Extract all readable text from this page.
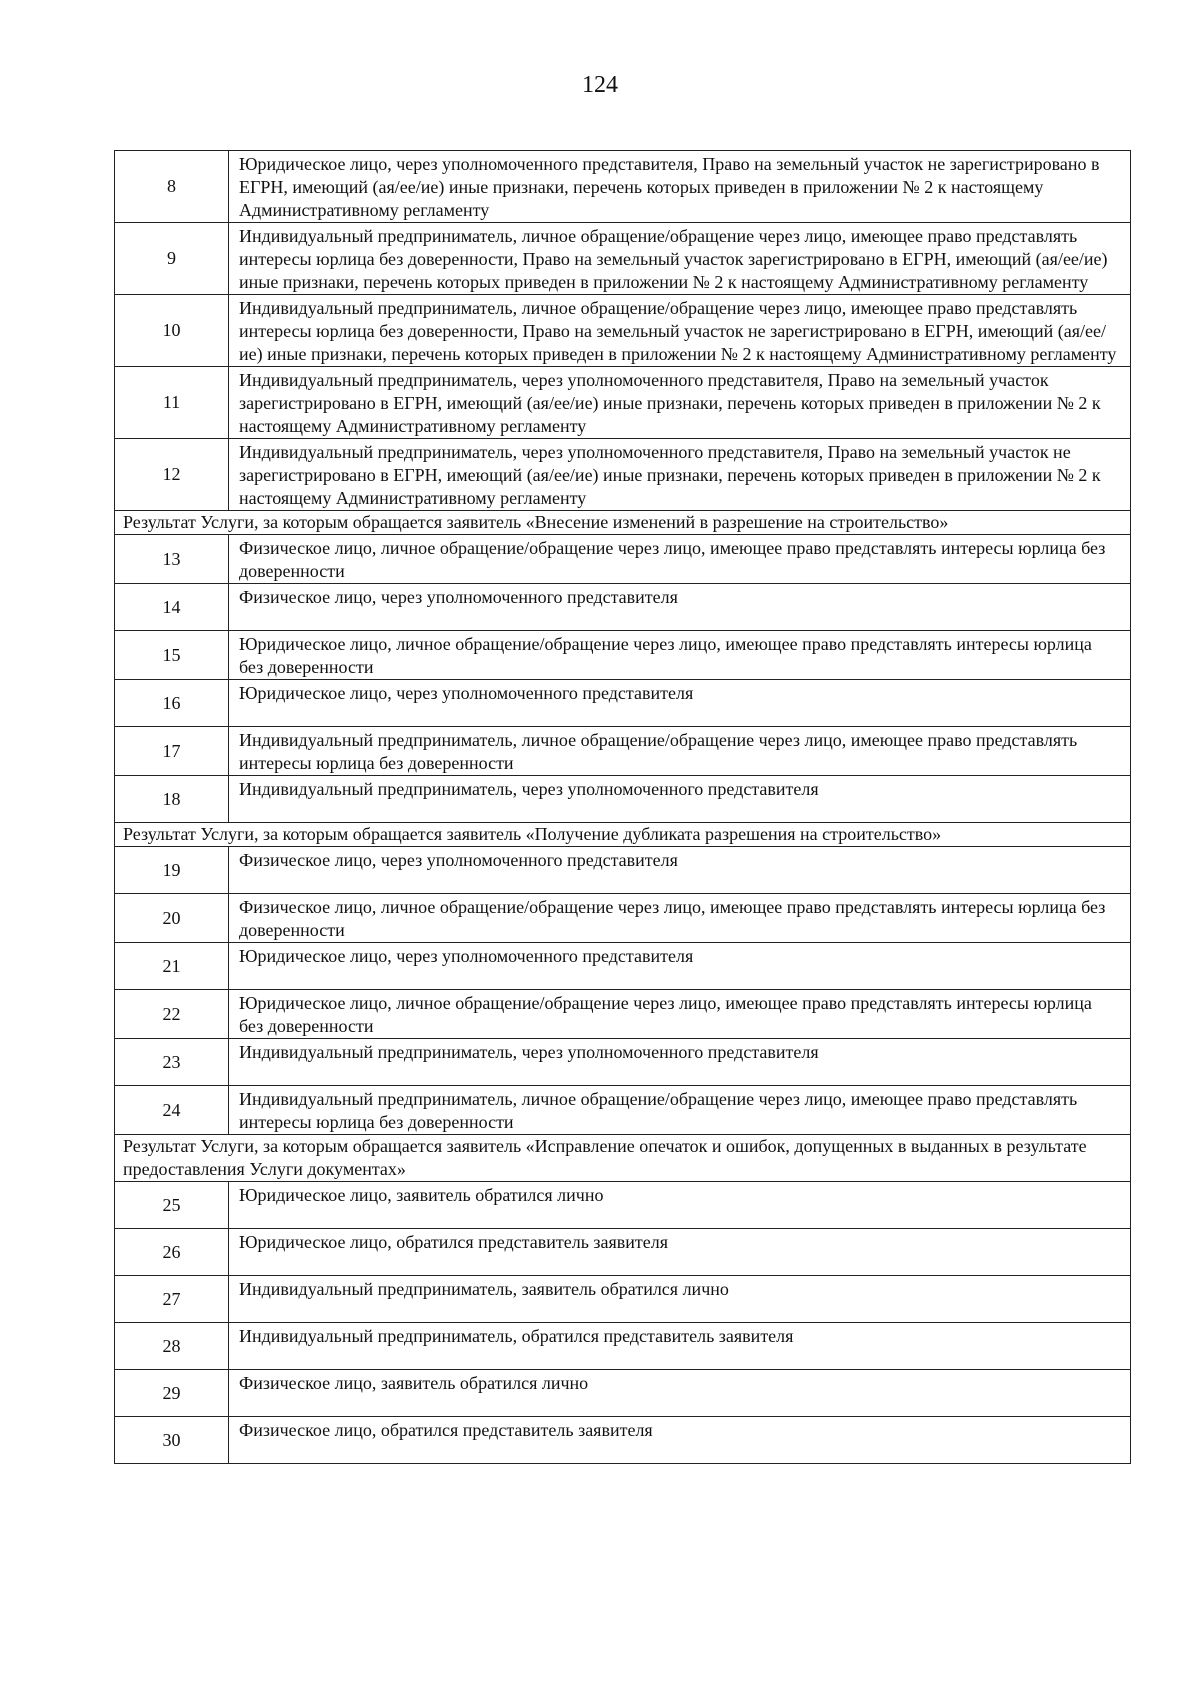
124
8	Юридическое лицо, через уполномоченного представителя, Право на земельный участок не зарегистрировано в ЕГРН, имеющий (ая/ее/ие) иные признаки, перечень которых приведен в приложении № 2 к настоящему Административному регламенту
9	Индивидуальный предприниматель, личное обращение/обращение через лицо, имеющее право представлять интересы юрлица без доверенности, Право на земельный участок зарегистрировано в ЕГРН, имеющий (ая/ее/ие) иные признаки, перечень которых приведен в приложении № 2 к настоящему Административному регламенту
10	Индивидуальный предприниматель, личное обращение/обращение через лицо, имеющее право представлять интересы юрлица без доверенности, Право на земельный участок не зарегистрировано в ЕГРН, имеющий (ая/ее/ие) иные признаки, перечень которых приведен в приложении № 2 к настоящему Административному регламенту
11	Индивидуальный предприниматель, через уполномоченного представителя, Право на земельный участок зарегистрировано в ЕГРН, имеющий (ая/ее/ие) иные признаки, перечень которых приведен в приложении № 2 к настоящему Административному регламенту
12	Индивидуальный предприниматель, через уполномоченного представителя, Право на земельный участок не зарегистрировано в ЕГРН, имеющий (ая/ее/ие) иные признаки, перечень которых приведен в приложении № 2 к настоящему Административному регламенту
Результат Услуги, за которым обращается заявитель «Внесение изменений в разрешение на строительство»	
13	Физическое лицо, личное обращение/обращение через лицо, имеющее право представлять интересы юрлица без доверенности
14	Физическое лицо, через уполномоченного представителя
15	Юридическое лицо, личное обращение/обращение через лицо, имеющее право представлять интересы юрлица без доверенности
16	Юридическое лицо, через уполномоченного представителя
17	Индивидуальный предприниматель, личное обращение/обращение через лицо, имеющее право представлять интересы юрлица без доверенности
18	Индивидуальный предприниматель, через уполномоченного представителя
Результат Услуги, за которым обращается заявитель «Получение дубликата разрешения на строительство»	
19	Физическое лицо, через уполномоченного представителя
20	Физическое лицо, личное обращение/обращение через лицо, имеющее право представлять интересы юрлица без доверенности
21	Юридическое лицо, через уполномоченного представителя
22	Юридическое лицо, личное обращение/обращение через лицо, имеющее право представлять интересы юрлица без доверенности
23	Индивидуальный предприниматель, через уполномоченного представителя
24	Индивидуальный предприниматель, личное обращение/обращение через лицо, имеющее право представлять интересы юрлица без доверенности
Результат Услуги, за которым обращается заявитель «Исправление опечаток и ошибок, допущенных в выданных в результате предоставления Услуги документах»	
25	Юридическое лицо, заявитель обратился лично
26	Юридическое лицо, обратился представитель заявителя
27	Индивидуальный предприниматель, заявитель обратился лично
28	Индивидуальный предприниматель, обратился представитель заявителя
29	Физическое лицо, заявитель обратился лично
30	Физическое лицо, обратился представитель заявителя
